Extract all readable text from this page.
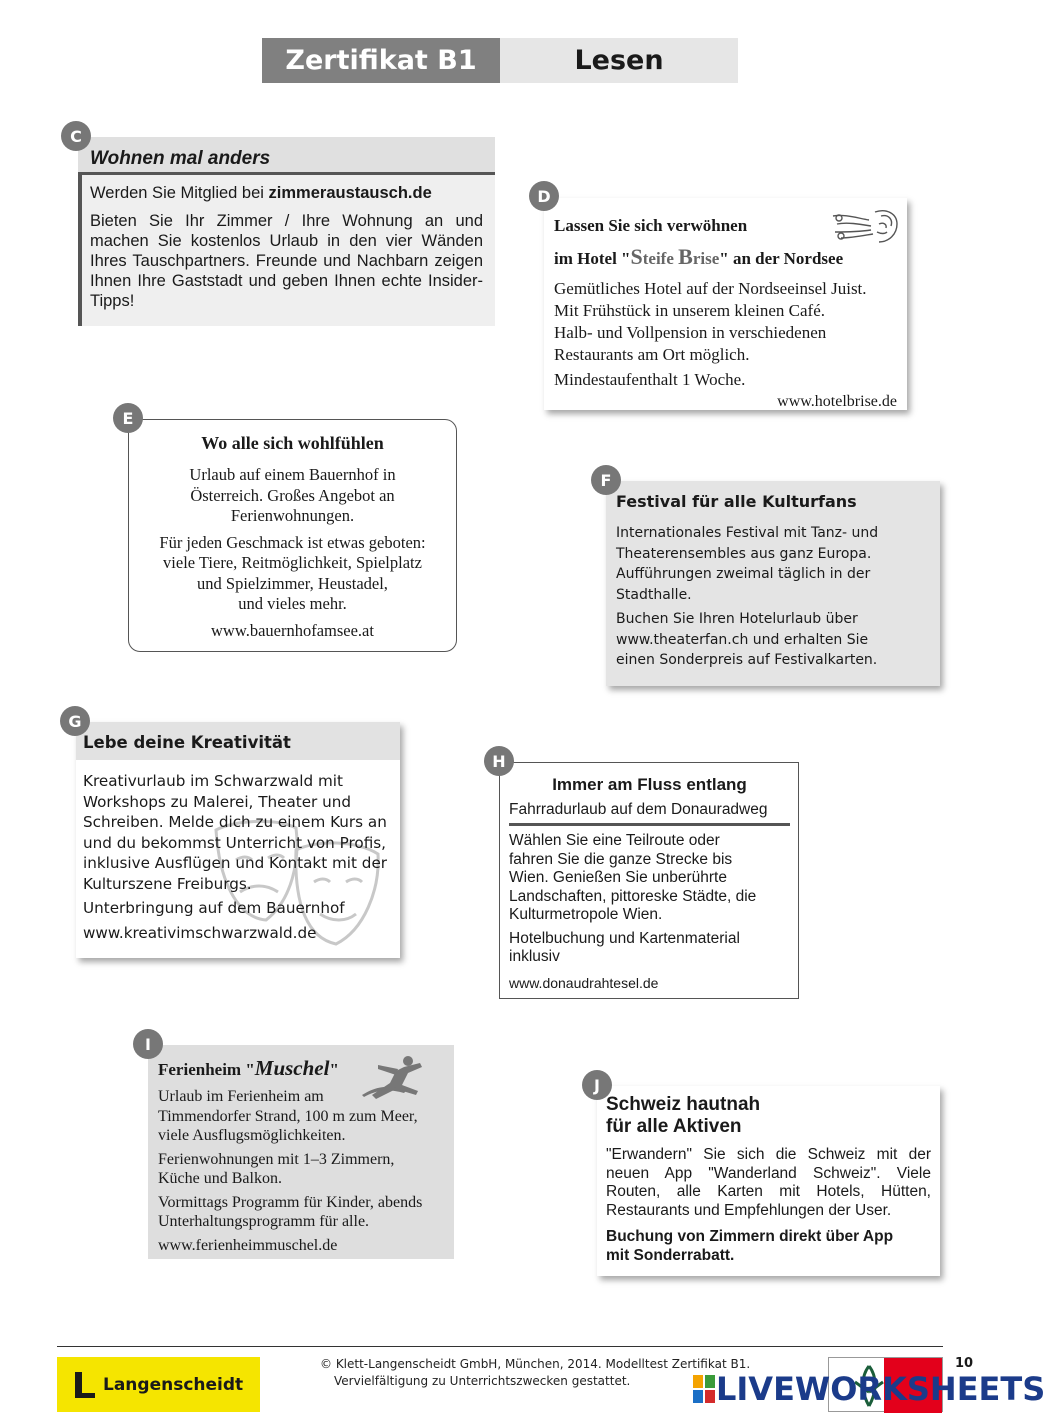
Zertifikat B1	Lesen
C
Wohnen mal anders

Werden Sie Mitglied bei zimmeraustausch.de

Bieten Sie Ihr Zimmer / Ihre Wohnung an und machen Sie kostenlos Urlaub in den vier Wänden Ihres Tauschpartners. Freunde und Nachbarn zeigen Ihnen Ihre Gaststadt und geben Ihnen echte Insider-Tipps!

D
Lassen Sie sich verwöhnen
im Hotel "Steife Brise" an der Nordsee
Gemütliches Hotel auf der Nordseeinsel Juist.
Mit Frühstück in unserem kleinen Café.
Halb- und Vollpension in verschiedenen
Restaurants am Ort möglich.
Mindestaufenthalt 1 Woche.
www.hotelbrise.de
E
Wo alle sich wohlfühlen
Urlaub auf einem Bauernhof in
Österreich. Großes Angebot an
Ferienwohnungen.
Für jeden Geschmack ist etwas geboten:
viele Tiere, Reitmöglichkeit, Spielplatz
und Spielzimmer, Heustadel,
und vieles mehr.
www.bauernhofamsee.at
F
Festival für alle Kulturfans
Internationales Festival mit Tanz- und
Theaterensembles aus ganz Europa.
Aufführungen zweimal täglich in der
Stadthalle.
Buchen Sie Ihren Hotelurlaub über
www.theaterfan.ch und erhalten Sie
einen Sonderpreis auf Festivalkarten.
G
Lebe deine Kreativität

Kreativurlaub im Schwarzwald mit
Workshops zu Malerei, Theater und
Schreiben. Melde dich zu einem Kurs an
und du bekommst Unterricht von Profis,
inklusive Ausflügen und Kontakt mit der
Kulturszene Freiburgs.

Unterbringung auf dem Bauernhof

www.kreativimschwarzwald.de

H
Immer am Fluss entlang
Fahrradurlaub auf dem Donauradweg
Wählen Sie eine Teilroute oder
fahren Sie die ganze Strecke bis
Wien. Genießen Sie unberührte
Landschaften, pittoreske Städte, die
Kulturmetropole Wien.
Hotelbuchung und Kartenmaterial
inklusiv
www.donaudrahtesel.de
I
Ferienheim "Muschel"
Urlaub im Ferienheim am
Timmendorfer Strand, 100 m zum Meer,
viele Ausflugsmöglichkeiten.
Ferienwohnungen mit 1–3 Zimmern,
Küche und Balkon.
Vormittags Programm für Kinder, abends
Unterhaltungsprogramm für alle.
www.ferienheimmuschel.de
J
Schweiz hautnah
für alle Aktiven
"Erwandern" Sie sich die Schweiz mit der neuen App "Wanderland Schweiz". Viele Routen, alle Karten mit Hotels, Hütten, Restaurants und Empfehlungen der User.
Buchung von Zimmern direkt über App
mit Sonderrabatt.
Langenscheidt
© Klett-Langenscheidt GmbH, München, 2014. Modelltest Zertifikat B1.
Vervielfältigung zu Unterrichtszwecken gestattet.
10
LIVEWORKSHEETS
